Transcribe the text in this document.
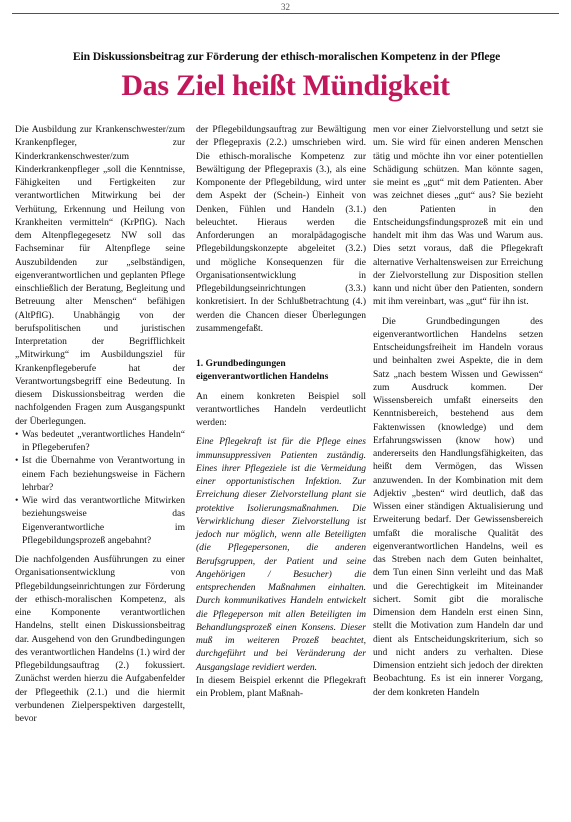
32
Ein Diskussionsbeitrag zur Förderung der ethisch-moralischen Kompetenz in der Pflege
Das Ziel heißt Mündigkeit

Die Ausbildung zur Krankenschwester/zum Krankenpfleger, zur Kinderkrankenschwester/zum Kinderkrankenpfleger „soll die Kenntnisse, Fähigkeiten und Fertigkeiten zur verantwortlichen Mitwirkung bei der Verhütung, Erkennung und Heilung von Krankheiten vermitteln“ (KrPflG). Nach dem Altenpflegegesetz NW soll das Fachseminar für Altenpflege seine Auszubildenden zur „selbständigen, eigenverantwortlichen und geplanten Pflege einschließlich der Beratung, Begleitung und Betreuung alter Menschen“ befähigen (AltPflG). Unabhängig von der berufspolitischen und juristischen Interpretation der Begrifflichkeit „Mitwirkung“ im Ausbildungsziel für Krankenpflegeberufe hat der Verantwortungsbegriff eine Bedeutung. In diesem Diskussionsbeitrag werden die nachfolgenden Fragen zum Ausgangspunkt der Überlegungen.

• Was bedeutet „verantwortliches Handeln“ in Pflegeberufen?
• Ist die Übernahme von Verantwortung in einem Fach beziehungsweise in Fächern lehrbar?
• Wie wird das verantwortliche Mitwirken beziehungsweise das Eigenverantwortliche im Pflegebildungsprozeß angebahnt?

Die nachfolgenden Ausführungen zu einer Organisationsentwicklung von Pflegebildungseinrichtungen zur Förderung der ethisch-moralischen Kompetenz, als eine Komponente verantwortlichen Handelns, stellt einen Diskussionsbeitrag dar. Ausgehend von den Grundbedingungen des verantwortlichen Handelns (1.) wird der Pflegebildungsauftrag (2.) fokussiert. Zunächst werden hierzu die Aufgabenfelder der Pflegeethik (2.1.) und die hiermit verbundenen Zielperspektiven dargestellt, bevor

der Pflegebildungsauftrag zur Bewältigung der Pflegepraxis (2.2.) umschrieben wird. Die ethisch-moralische Kompetenz zur Bewältigung der Pflegepraxis (3.), als eine Komponente der Pflegebildung, wird unter dem Aspekt der (Schein-) Einheit von Denken, Fühlen und Handeln (3.1.) beleuchtet. Hieraus werden die Anforderungen an moralpädagogische Pflegebildungskonzepte abgeleitet (3.2.) und mögliche Konsequenzen für die Organisationsentwicklung in Pflegebildungseinrichtungen (3.3.) konkretisiert. In der Schlußbetrachtung (4.) werden die Chancen dieser Überlegungen zusammengefaßt.

1. Grundbedingungen eigenverantwortlichen Handelns

An einem konkreten Beispiel soll verantwortliches Handeln verdeutlicht werden:

Eine Pflegekraft ist für die Pflege eines immunsuppressiven Patienten zuständig. Eines ihrer Pflegeziele ist die Vermeidung einer opportunistischen Infektion. Zur Erreichung dieser Zielvorstellung plant sie protektive Isolierungsmaßnahmen. Die Verwirklichung dieser Zielvorstellung ist jedoch nur möglich, wenn alle Beteiligten (die Pflegepersonen, die anderen Berufsgruppen, der Patient und seine Angehörigen / Besucher) die entsprechenden Maßnahmen einhalten. Durch kommunikatives Handeln entwickelt die Pflegeperson mit allen Beteiligten im Behandlungsprozeß einen Konsens. Dieser muß im weiteren Prozeß beachtet, durchgeführt und bei Veränderung der Ausgangslage revidiert werden.

In diesem Beispiel erkennt die Pflegekraft ein Problem, plant Maßnah-

men vor einer Zielvorstellung und setzt sie um. Sie wird für einen anderen Menschen tätig und möchte ihn vor einer potentiellen Schädigung schützen. Man könnte sagen, sie meint es „gut“ mit dem Patienten. Aber was zeichnet dieses „gut“ aus? Sie bezieht den Patienten in den Entscheidungsfindungsprozeß mit ein und handelt mit ihm das Was und Warum aus. Dies setzt voraus, daß die Pflegekraft alternative Verhaltensweisen zur Erreichung der Zielvorstellung zur Disposition stellen kann und nicht über den Patienten, sondern mit ihm vereinbart, was „gut“ für ihn ist.

Die Grundbedingungen des eigenverantwortlichen Handelns setzen Entscheidungsfreiheit im Handeln voraus und beinhalten zwei Aspekte, die in dem Satz „nach bestem Wissen und Gewissen“ zum Ausdruck kommen. Der Wissensbereich umfaßt einerseits den Kenntnisbereich, bestehend aus dem Faktenwissen (knowledge) und dem Erfahrungswissen (know how) und andererseits den Handlungsfähigkeiten, das heißt dem Vermögen, das Wissen anzuwenden. In der Kombination mit dem Adjektiv „besten“ wird deutlich, daß das Wissen einer ständigen Aktualisierung und Erweiterung bedarf. Der Gewissensbereich umfaßt die moralische Qualität des eigenverantwortlichen Handelns, weil es das Streben nach dem Guten beinhaltet, dem Tun einen Sinn verleiht und das Maß und die Gerechtigkeit im Miteinander sichert. Somit gibt die moralische Dimension dem Handeln erst einen Sinn, stellt die Motivation zum Handeln dar und dient als Entscheidungskriterium, sich so und nicht anders zu verhalten. Diese Dimension entzieht sich jedoch der direkten Beobachtung. Es ist ein innerer Vorgang, der dem konkreten Handeln
